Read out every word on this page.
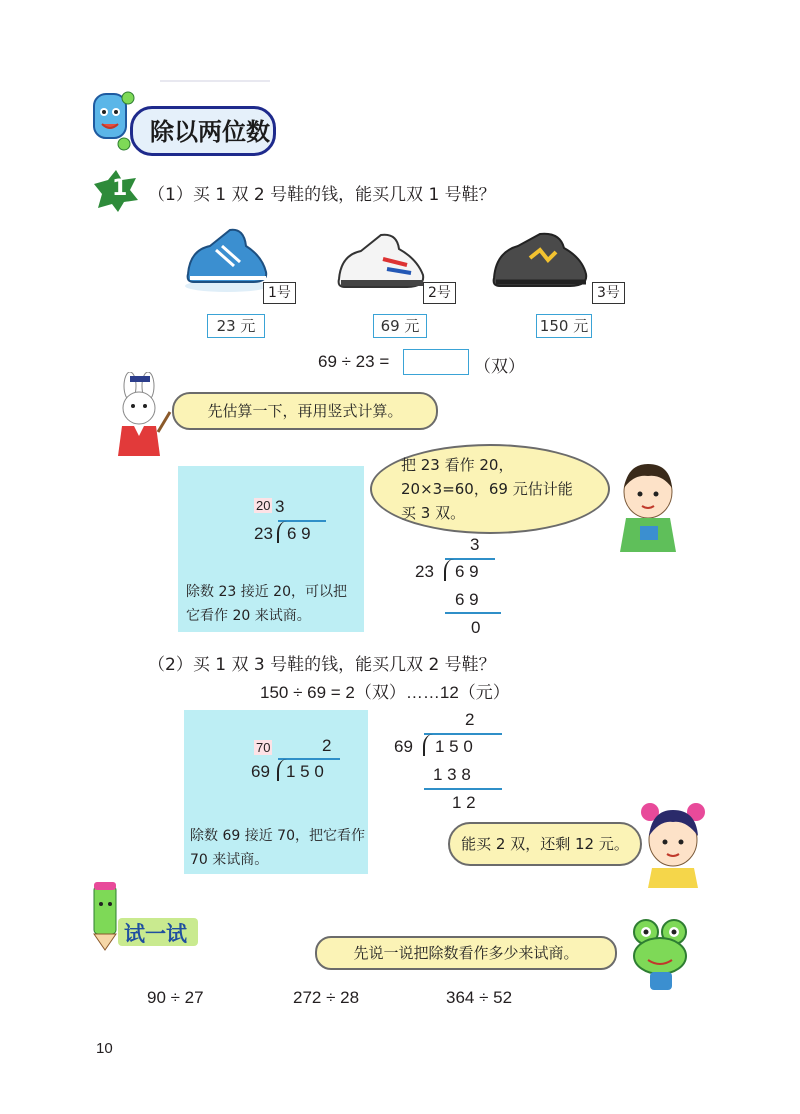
除以两位数
1 （1）买 1 双 2 号鞋的钱，能买几双 1 号鞋？
1号	2号	3号
23 元	69 元	150 元
69 ÷ 23 =	（双）
先估算一下，再用竖式计算。
20 3
23 6 9
除数 23 接近 20，可以把它看作 20 来试商。
把 23 看作 20，20×3=60，69 元估计能买 3 双。
3
23 6 9
6 9
0
（2）买 1 双 3 号鞋的钱，能买几双 2 号鞋？
150 ÷ 69 = 2（双）……12（元）
70	2
69 1 5 0
除数 69 接近 70，把它看作 70 来试商。
2
69 1 5 0
1 3 8
1 2
能买 2 双，还剩 12 元。
试一试
先说一说把除数看作多少来试商。
90 ÷ 27	272 ÷ 28	364 ÷ 52
10
